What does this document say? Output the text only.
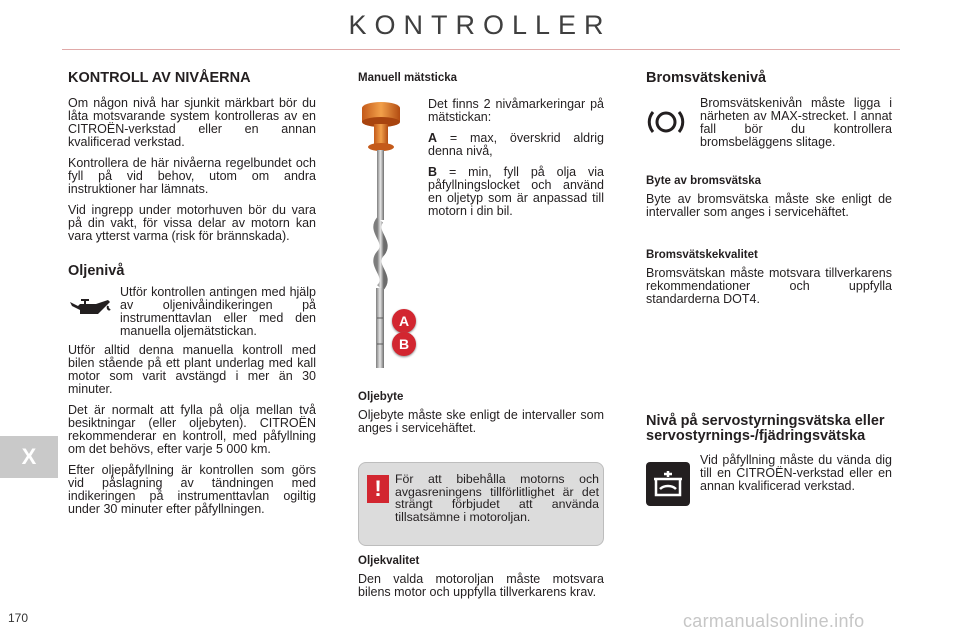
KONTROLLER
X
KONTROLL AV NIVÅERNA

Om någon nivå har sjunkit märkbart bör du låta motsvarande system kontrolleras av en CITROËN-verkstad eller en annan kvalificerad verkstad.

Kontrollera de här nivåerna regelbundet och fyll på vid behov, utom om andra instruktioner har lämnats.

Vid ingrepp under motorhuven bör du vara på din vakt, för vissa delar av motorn kan vara ytterst varma (risk för brännskada).

Oljenivå

Utför kontrollen antingen med hjälp av oljenivåindikeringen på instrumenttavlan eller med den manuella oljemätstickan.

Utför alltid denna manuella kontroll med bilen stående på ett plant underlag med kall motor som varit avstängd i mer än 30 minuter.

Det är normalt att fylla på olja mellan två besiktningar (eller oljebyten). CITROËN rekommenderar en kontroll, med påfyllning om det behövs, efter varje 5 000 km.

Efter oljepåfyllning är kontrollen som görs vid påslagning av tändningen med indikeringen på instrumenttavlan ogiltig under 30 minuter efter påfyllningen.

Manuell mätsticka
A
B

Det finns 2 nivåmarkeringar på mätstickan:

A = max, överskrid aldrig denna nivå,

B = min, fyll på olja via påfyllningslocket och använd en oljetyp som är anpassad till motorn i din bil.

Oljebyte

Oljebyte måste ske enligt de intervaller som anges i servicehäftet.

! För att bibehålla motorns och avgasreningens tillförlitlighet är det strängt förbjudet att använda tillsatsämne i motoroljan.
Oljekvalitet

Den valda motoroljan måste motsvara bilens motor och uppfylla tillverkarens krav.

Bromsvätskenivå

Bromsvätskenivån måste ligga i närheten av MAX-strecket. I annat fall bör du kontrollera bromsbeläggens slitage.

Byte av bromsvätska

Byte av bromsvätska måste ske enligt de intervaller som anges i servicehäftet.

Bromsvätskekvalitet

Bromsvätskan måste motsvara tillverkarens rekommendationer och uppfylla standarderna DOT4.

Nivå på servostyrningsvätska eller servostyrnings-/fjädringsvätska

Vid påfyllning måste du vända dig till en CITROËN-verkstad eller en annan kvalificerad verkstad.

170	carmanualsonline.info
